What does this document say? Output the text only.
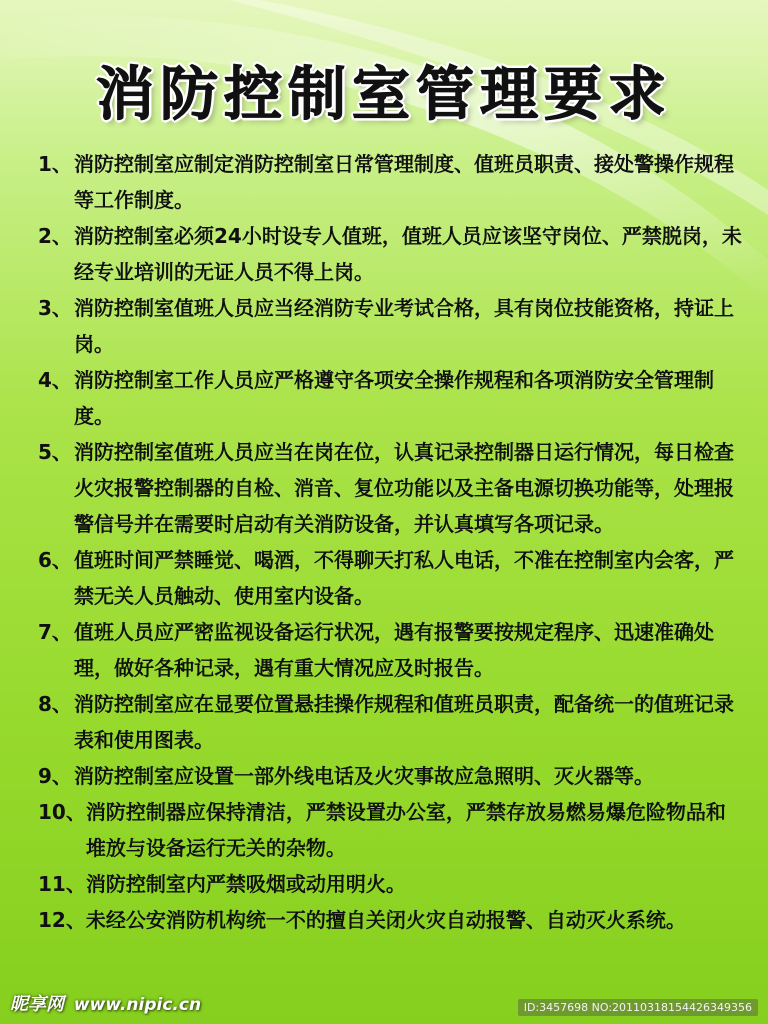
消防控制室管理要求
1、 消防控制室应制定消防控制室日常管理制度、值班员职责、接处警操作规程等工作制度。
2、 消防控制室必须24小时设专人值班，值班人员应该坚守岗位、严禁脱岗，未经专业培训的无证人员不得上岗。
3、 消防控制室值班人员应当经消防专业考试合格，具有岗位技能资格，持证上岗。
4、 消防控制室工作人员应严格遵守各项安全操作规程和各项消防安全管理制度。
5、 消防控制室值班人员应当在岗在位，认真记录控制器日运行情况，每日检查火灾报警控制器的自检、消音、复位功能以及主备电源切换功能等，处理报警信号并在需要时启动有关消防设备，并认真填写各项记录。
6、 值班时间严禁睡觉、喝酒，不得聊天打私人电话，不准在控制室内会客，严禁无关人员触动、使用室内设备。
7、 值班人员应严密监视设备运行状况，遇有报警要按规定程序、迅速准确处理，做好各种记录，遇有重大情况应及时报告。
8、 消防控制室应在显要位置悬挂操作规程和值班员职责，配备统一的值班记录表和使用图表。
9、 消防控制室应设置一部外线电话及火灾事故应急照明、灭火器等。
10、 消防控制器应保持清洁，严禁设置办公室，严禁存放易燃易爆危险物品和堆放与设备运行无关的杂物。
11、 消防控制室内严禁吸烟或动用明火。
12、 未经公安消防机构统一不的擅自关闭火灾自动报警、自动灭火系统。
昵享网 www.nipic.cn	ID:3457698 NO:20110318154426349356
